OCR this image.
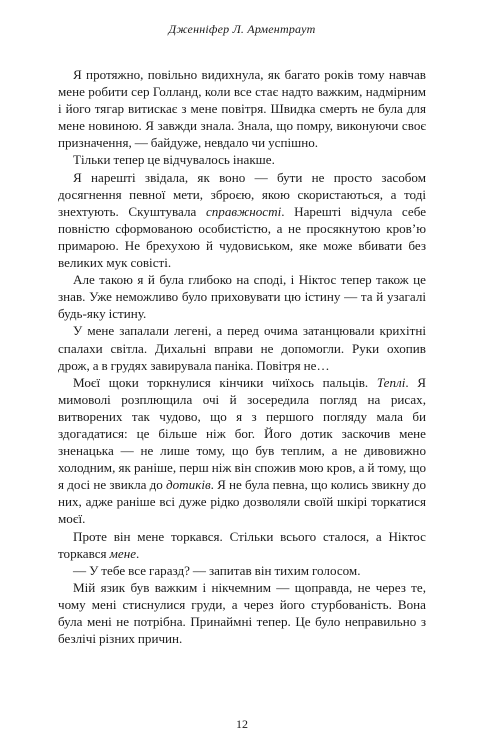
Дженніфер Л. Арментраут

Я протяжно, повільно видихнула, як багато років тому навчав мене робити сер Голланд, коли все стає надто важким, надмірним і його тягар витискає з мене повітря. Швидка смерть не була для мене новиною. Я завжди знала. Знала, що помру, виконуючи своє призначення, — байдуже, невдало чи успішно.

Тільки тепер це відчувалось інакше.

Я нарешті звідала, як воно — бути не просто засобом досягнення певної мети, зброєю, якою скористаються, а тоді знехтують. Скуштувала справжності. Нарешті відчула себе повністю сформованою особистістю, а не просякнутою кров’ю примарою. Не брехухою й чудовиськом, яке може вбивати без великих мук совісті.

Але такою я й була глибоко на споді, і Ніктос тепер також це знав. Уже неможливо було приховувати цю істину — та й узагалі будь-яку істину.

У мене запалали легені, а перед очима затанцювали крихітні спалахи світла. Дихальні вправи не допомогли. Руки охопив дрож, а в грудях завирувала паніка. Повітря не…

Моєї щоки торкнулися кінчики чиїхось пальців. Теплі. Я мимоволі розплющила очі й зосередила погляд на рисах, витворених так чудово, що я з першого погляду мала би здогадатися: це більше ніж бог. Його дотик заскочив мене зненацька — не лише тому, що був теплим, а не дивовижно холодним, як раніше, перш ніж він спожив мою кров, а й тому, що я досі не звикла до дотиків. Я не була певна, що колись звикну до них, адже раніше всі дуже рідко дозволяли своїй шкірі торкатися моєї.

Проте він мене торкався. Стільки всього сталося, а Ніктос торкався мене.

— У тебе все гаразд? — запитав він тихим голосом.

Мій язик був важким і нікчемним — щоправда, не через те, чому мені стиснулися груди, а через його стурбованість. Вона була мені не потрібна. Принаймні тепер. Це було неправильно з безлічі різних причин.

12
